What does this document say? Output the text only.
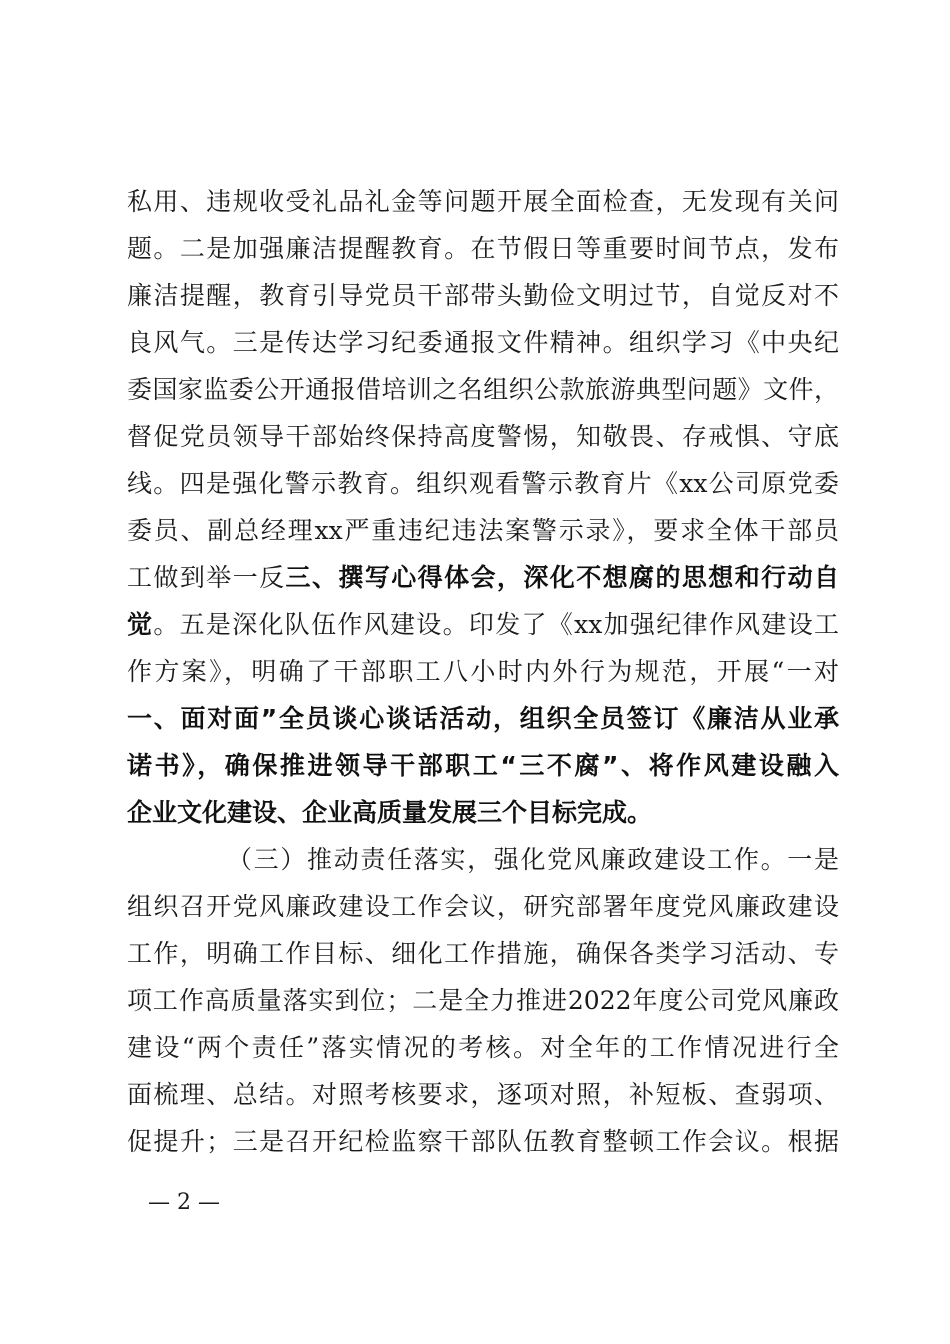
私用、违规收受礼品礼金等问题开展全面检查，无发现有关问
题。二是加强廉洁提醒教育。在节假日等重要时间节点，发布
廉洁提醒，教育引导党员干部带头勤俭文明过节，自觉反对不
良风气。三是传达学习纪委通报文件精神。组织学习《中央纪
委国家监委公开通报借培训之名组织公款旅游典型问题》文件，
督促党员领导干部始终保持高度警惕，知敬畏、存戒惧、守底
线。四是强化警示教育。组织观看警示教育片《xx公司原党委
委员、副总经理xx严重违纪违法案警示录》，要求全体干部员
工做到举一反三、撰写心得体会，深化不想腐的思想和行动自
觉。五是深化队伍作风建设。印发了《xx加强纪律作风建设工
作方案》，明确了干部职工八小时内外行为规范，开展“一对
一、面对面”全员谈心谈话活动，组织全员签订《廉洁从业承
诺书》，确保推进领导干部职工“三不腐”、将作风建设融入
企业文化建设、企业高质量发展三个目标完成。
（三）推动责任落实，强化党风廉政建设工作。一是
组织召开党风廉政建设工作会议，研究部署年度党风廉政建设
工作，明确工作目标、细化工作措施，确保各类学习活动、专
项工作高质量落实到位；二是全力推进2022年度公司党风廉政
建设“两个责任”落实情况的考核。对全年的工作情况进行全
面梳理、总结。对照考核要求，逐项对照，补短板、查弱项、
促提升；三是召开纪检监察干部队伍教育整顿工作会议。根据
— 2 —
